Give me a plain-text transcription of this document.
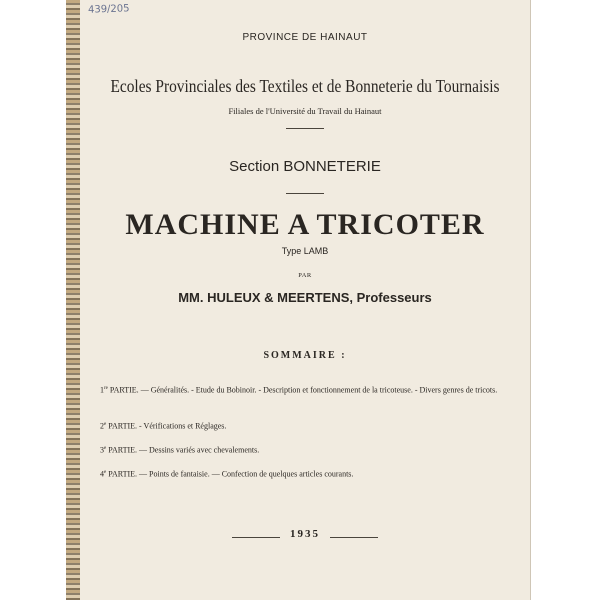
439/205
PROVINCE DE HAINAUT
Ecoles Provinciales des Textiles et de Bonneterie du Tournaisis
Filiales de l'Université du Travail du Hainaut
Section BONNETERIE
MACHINE A TRICOTER
Type LAMB
PAR
MM. HULEUX & MEERTENS, Professeurs
SOMMAIRE :
1re PARTIE. — Généralités. - Etude du Bobinoir. - Description et fonctionnement de la tricoteuse. - Divers genres de tricots.
2e PARTIE. - Vérifications et Réglages.
3e PARTIE. — Dessins variés avec chevalements.
4e PARTIE. — Points de fantaisie. — Confection de quelques articles courants.
1935
